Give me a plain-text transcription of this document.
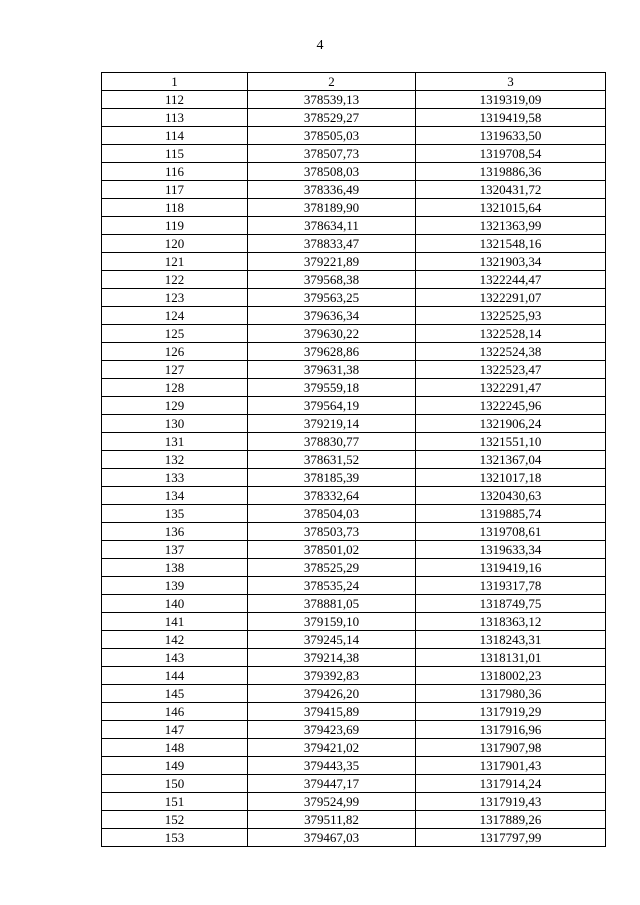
4
1	2	3
112	378539,13	1319319,09
113	378529,27	1319419,58
114	378505,03	1319633,50
115	378507,73	1319708,54
116	378508,03	1319886,36
117	378336,49	1320431,72
118	378189,90	1321015,64
119	378634,11	1321363,99
120	378833,47	1321548,16
121	379221,89	1321903,34
122	379568,38	1322244,47
123	379563,25	1322291,07
124	379636,34	1322525,93
125	379630,22	1322528,14
126	379628,86	1322524,38
127	379631,38	1322523,47
128	379559,18	1322291,47
129	379564,19	1322245,96
130	379219,14	1321906,24
131	378830,77	1321551,10
132	378631,52	1321367,04
133	378185,39	1321017,18
134	378332,64	1320430,63
135	378504,03	1319885,74
136	378503,73	1319708,61
137	378501,02	1319633,34
138	378525,29	1319419,16
139	378535,24	1319317,78
140	378881,05	1318749,75
141	379159,10	1318363,12
142	379245,14	1318243,31
143	379214,38	1318131,01
144	379392,83	1318002,23
145	379426,20	1317980,36
146	379415,89	1317919,29
147	379423,69	1317916,96
148	379421,02	1317907,98
149	379443,35	1317901,43
150	379447,17	1317914,24
151	379524,99	1317919,43
152	379511,82	1317889,26
153	379467,03	1317797,99
